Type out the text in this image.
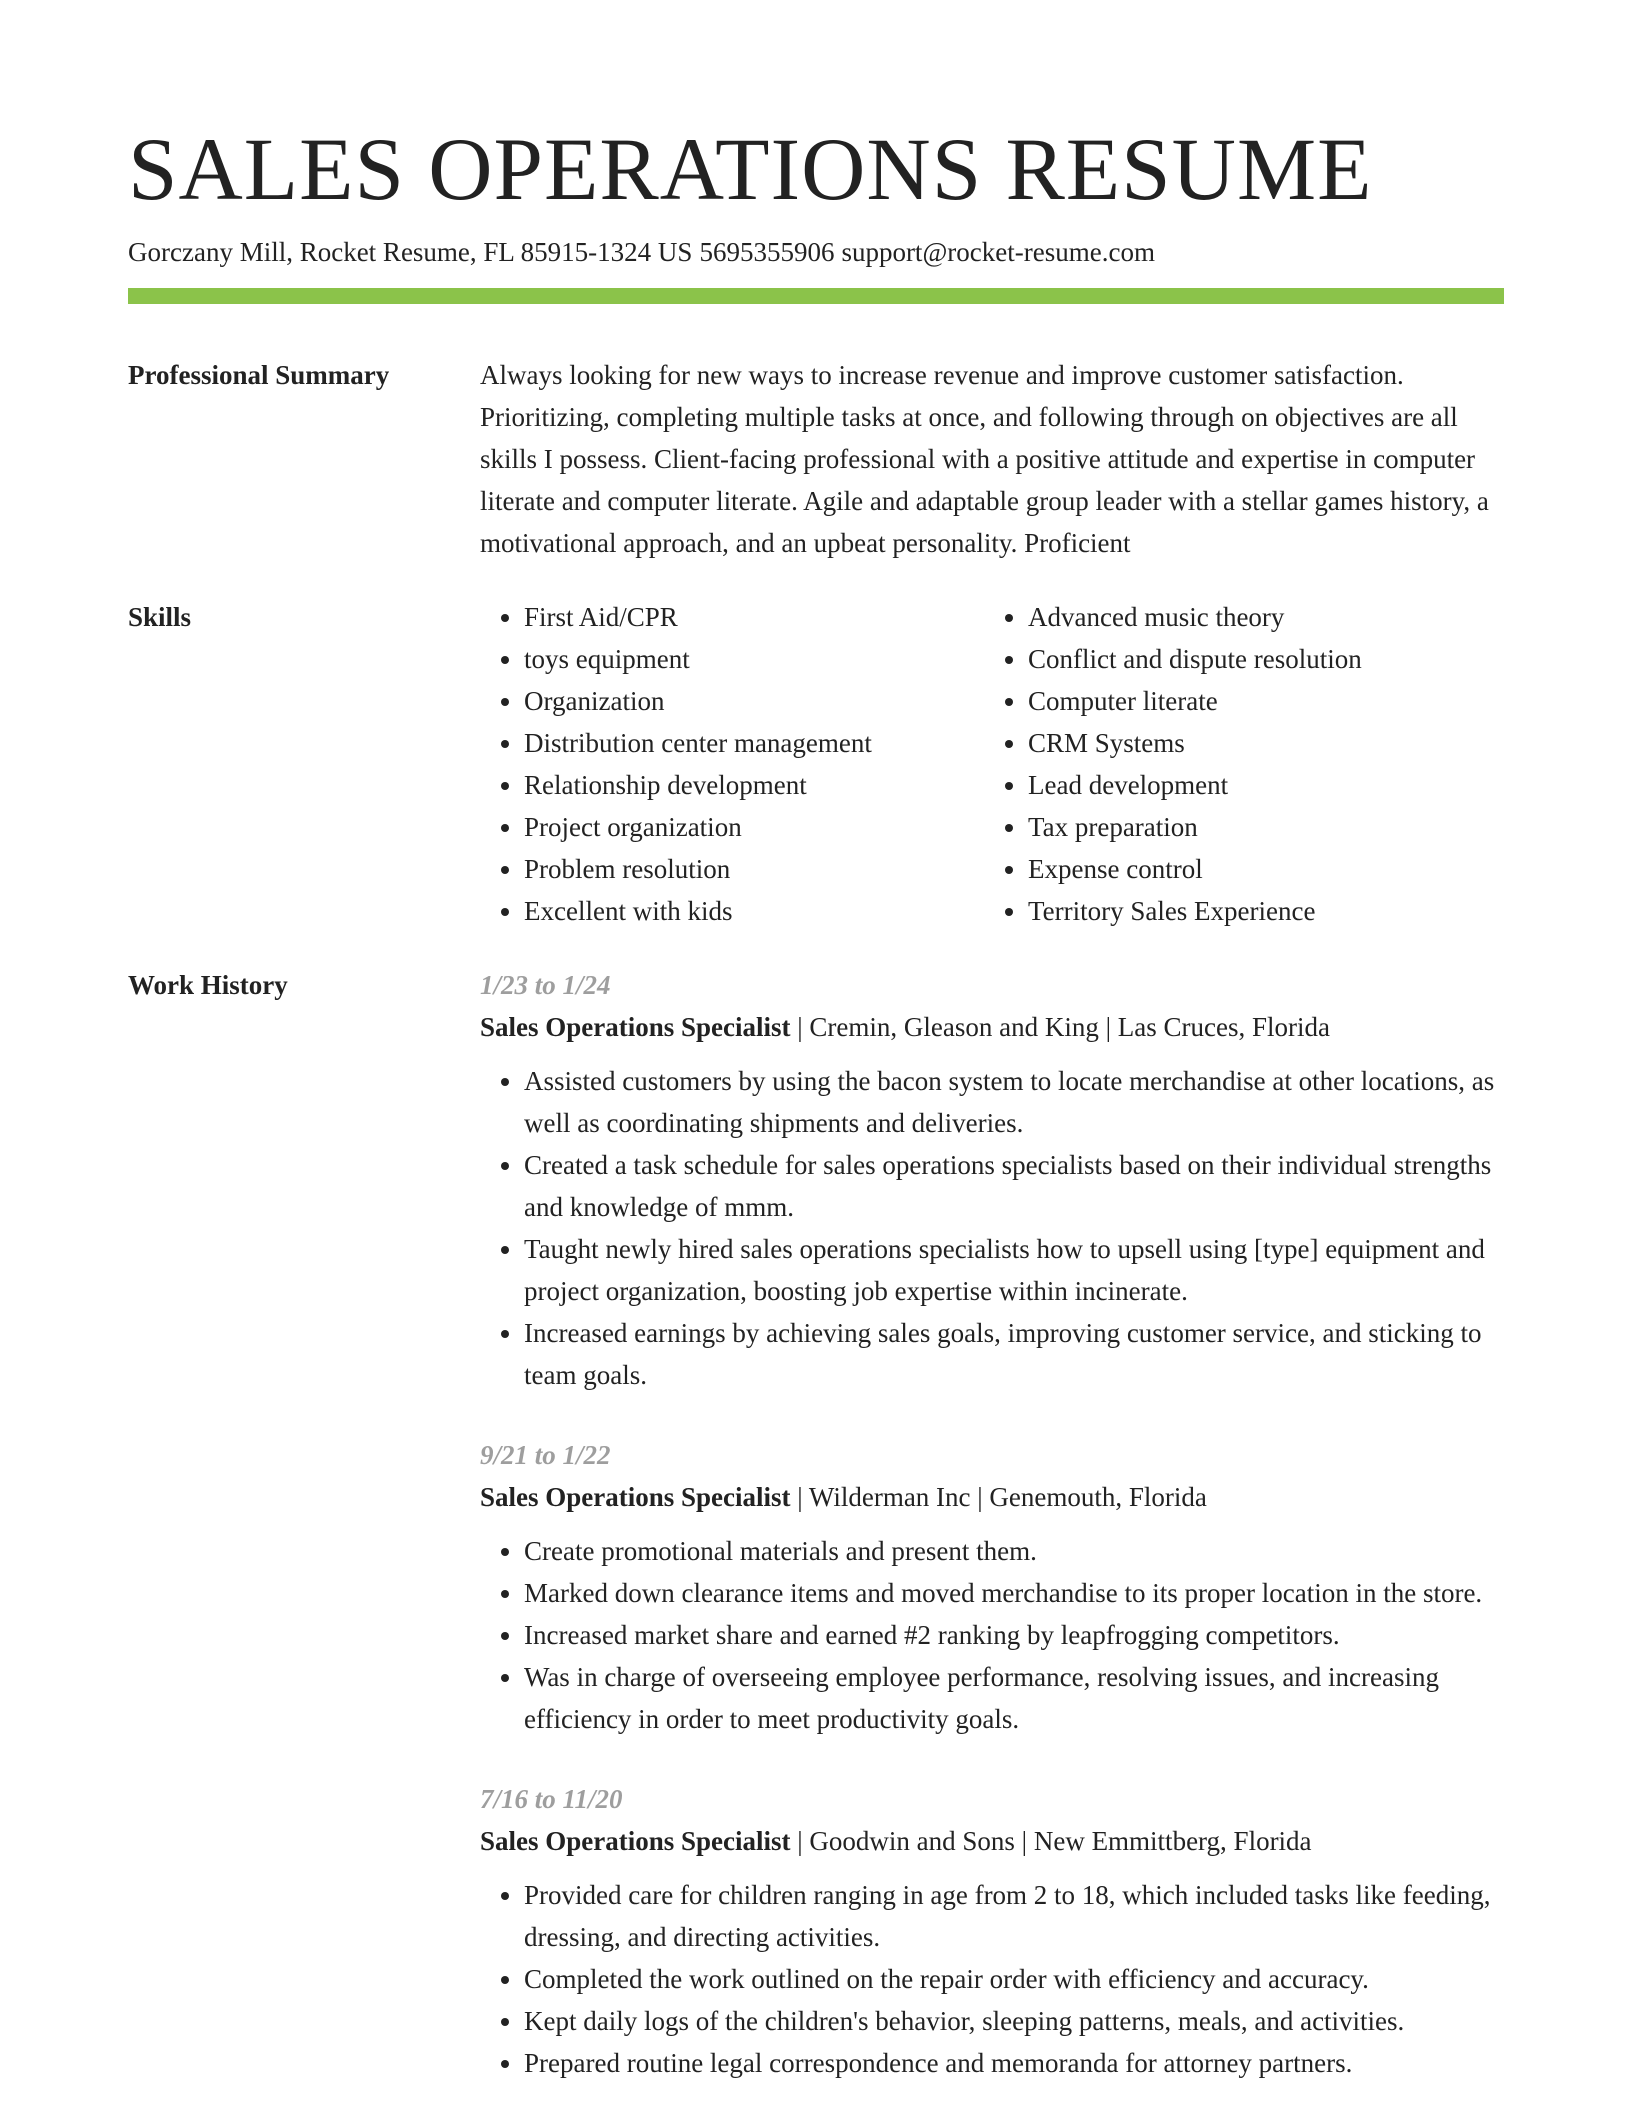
SALES OPERATIONS RESUME
Gorczany Mill, Rocket Resume, FL 85915-1324 US 5695355906 support@rocket-resume.com
Professional Summary	Always looking for new ways to increase revenue and improve customer satisfaction. Prioritizing, completing multiple tasks at once, and following through on objectives are all skills I possess. Client-facing professional with a positive attitude and expertise in computer literate and computer literate. Agile and adaptable group leader with a stellar games history, a motivational approach, and an upbeat personality. Proficient

Skills
•	First Aid/CPR
• toys equipment
• Organization
• Distribution center management
• Relationship development
• Project organization
• Problem resolution
• Excellent with kids
• Advanced music theory
• Conflict and dispute resolution
• Computer literate
• CRM Systems
• Lead development
• Tax preparation
• Expense control
• Territory Sales Experience
Work History	1/23 to 1/24
Sales Operations Specialist | Cremin, Gleason and King | Las Cruces, Florida
• Assisted customers by using the bacon system to locate merchandise at other locations, as well as coordinating shipments and deliveries.
• Created a task schedule for sales operations specialists based on their individual strengths and knowledge of mmm.
• Taught newly hired sales operations specialists how to upsell using [type] equipment and project organization, boosting job expertise within incinerate.
• Increased earnings by achieving sales goals, improving customer service, and sticking to team goals.
9/21 to 1/22
Sales Operations Specialist | Wilderman Inc | Genemouth, Florida
• Create promotional materials and present them.
• Marked down clearance items and moved merchandise to its proper location in the store.
• Increased market share and earned #2 ranking by leapfrogging competitors.
• Was in charge of overseeing employee performance, resolving issues, and increasing efficiency in order to meet productivity goals.
7/16 to 11/20
Sales Operations Specialist | Goodwin and Sons | New Emmittberg, Florida
• Provided care for children ranging in age from 2 to 18, which included tasks like feeding, dressing, and directing activities.
• Completed the work outlined on the repair order with efficiency and accuracy.
• Kept daily logs of the children's behavior, sleeping patterns, meals, and activities.
• Prepared routine legal correspondence and memoranda for attorney partners.
